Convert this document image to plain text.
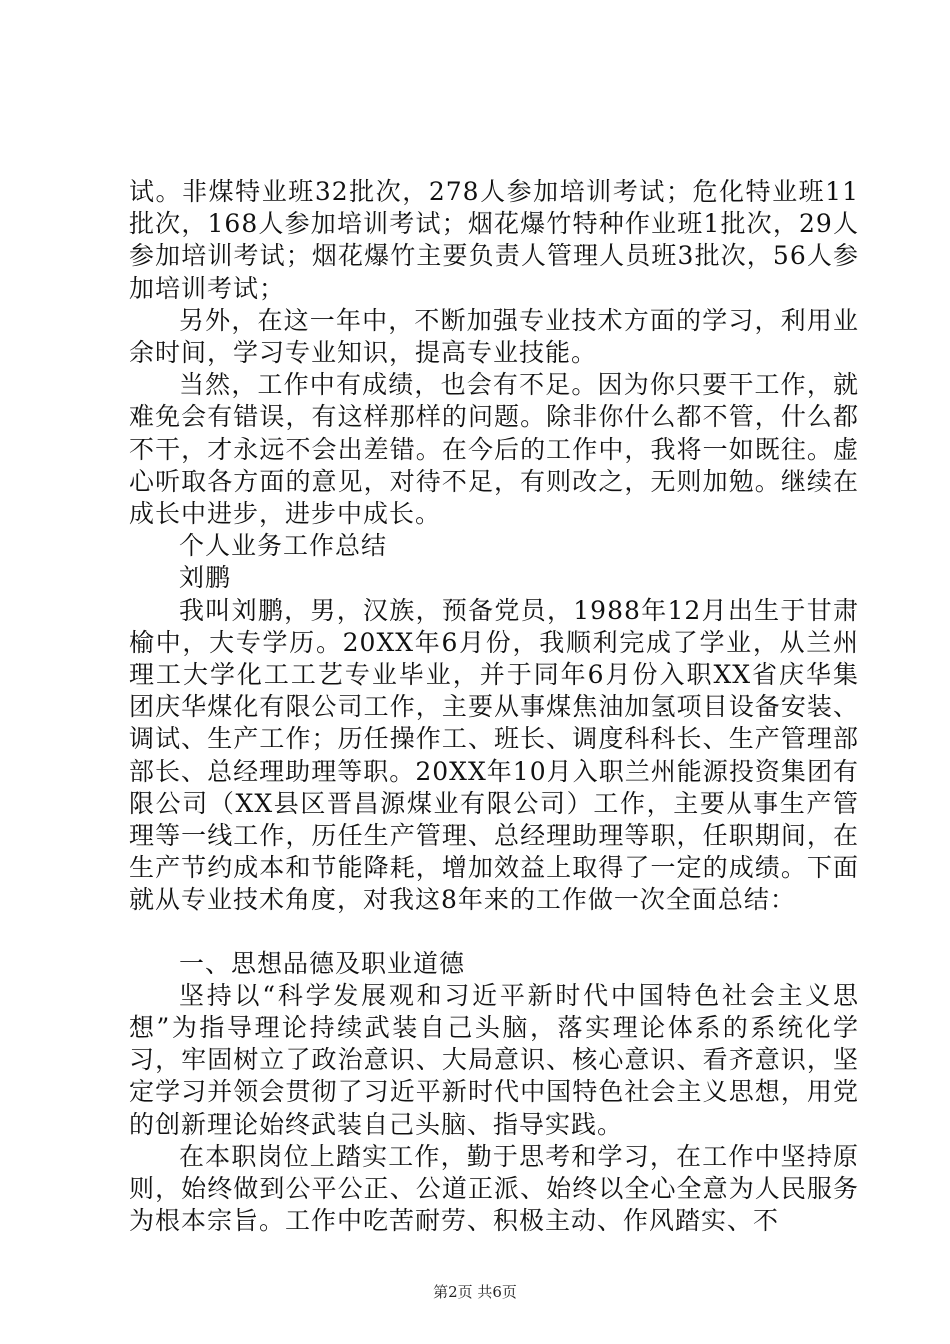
试。非煤特业班32批次，278人参加培训考试；危化特业班11批次，168人参加培训考试；烟花爆竹特种作业班1批次，29人参加培训考试；烟花爆竹主要负责人管理人员班3批次，56人参加培训考试；

另外，在这一年中，不断加强专业技术方面的学习，利用业余时间，学习专业知识，提高专业技能。

当然，工作中有成绩，也会有不足。因为你只要干工作，就难免会有错误，有这样那样的问题。除非你什么都不管，什么都不干，才永远不会出差错。在今后的工作中，我将一如既往。虚心听取各方面的意见，对待不足，有则改之，无则加勉。继续在成长中进步，进步中成长。

个人业务工作总结

刘鹏

我叫刘鹏，男，汉族，预备党员，1988年12月出生于甘肃榆中，大专学历。20XX年6月份，我顺利完成了学业，从兰州理工大学化工工艺专业毕业，并于同年6月份入职XX省庆华集团庆华煤化有限公司工作，主要从事煤焦油加氢项目设备安装、调试、生产工作；历任操作工、班长、调度科科长、生产管理部部长、总经理助理等职。20XX年10月入职兰州能源投资集团有限公司（XX县区晋昌源煤业有限公司）工作，主要从事生产管理等一线工作，历任生产管理、总经理助理等职，任职期间，在生产节约成本和节能降耗，增加效益上取得了一定的成绩。下面就从专业技术角度，对我这8年来的工作做一次全面总结：

一、思想品德及职业道德

坚持以“科学发展观和习近平新时代中国特色社会主义思想”为指导理论持续武装自己头脑，落实理论体系的系统化学习，牢固树立了政治意识、大局意识、核心意识、看齐意识，坚定学习并领会贯彻了习近平新时代中国特色社会主义思想，用党的创新理论始终武装自己头脑、指导实践。

在本职岗位上踏实工作，勤于思考和学习，在工作中坚持原则，始终做到公平公正、公道正派、始终以全心全意为人民服务为根本宗旨。工作中吃苦耐劳、积极主动、作风踏实、不

第2页 共6页
